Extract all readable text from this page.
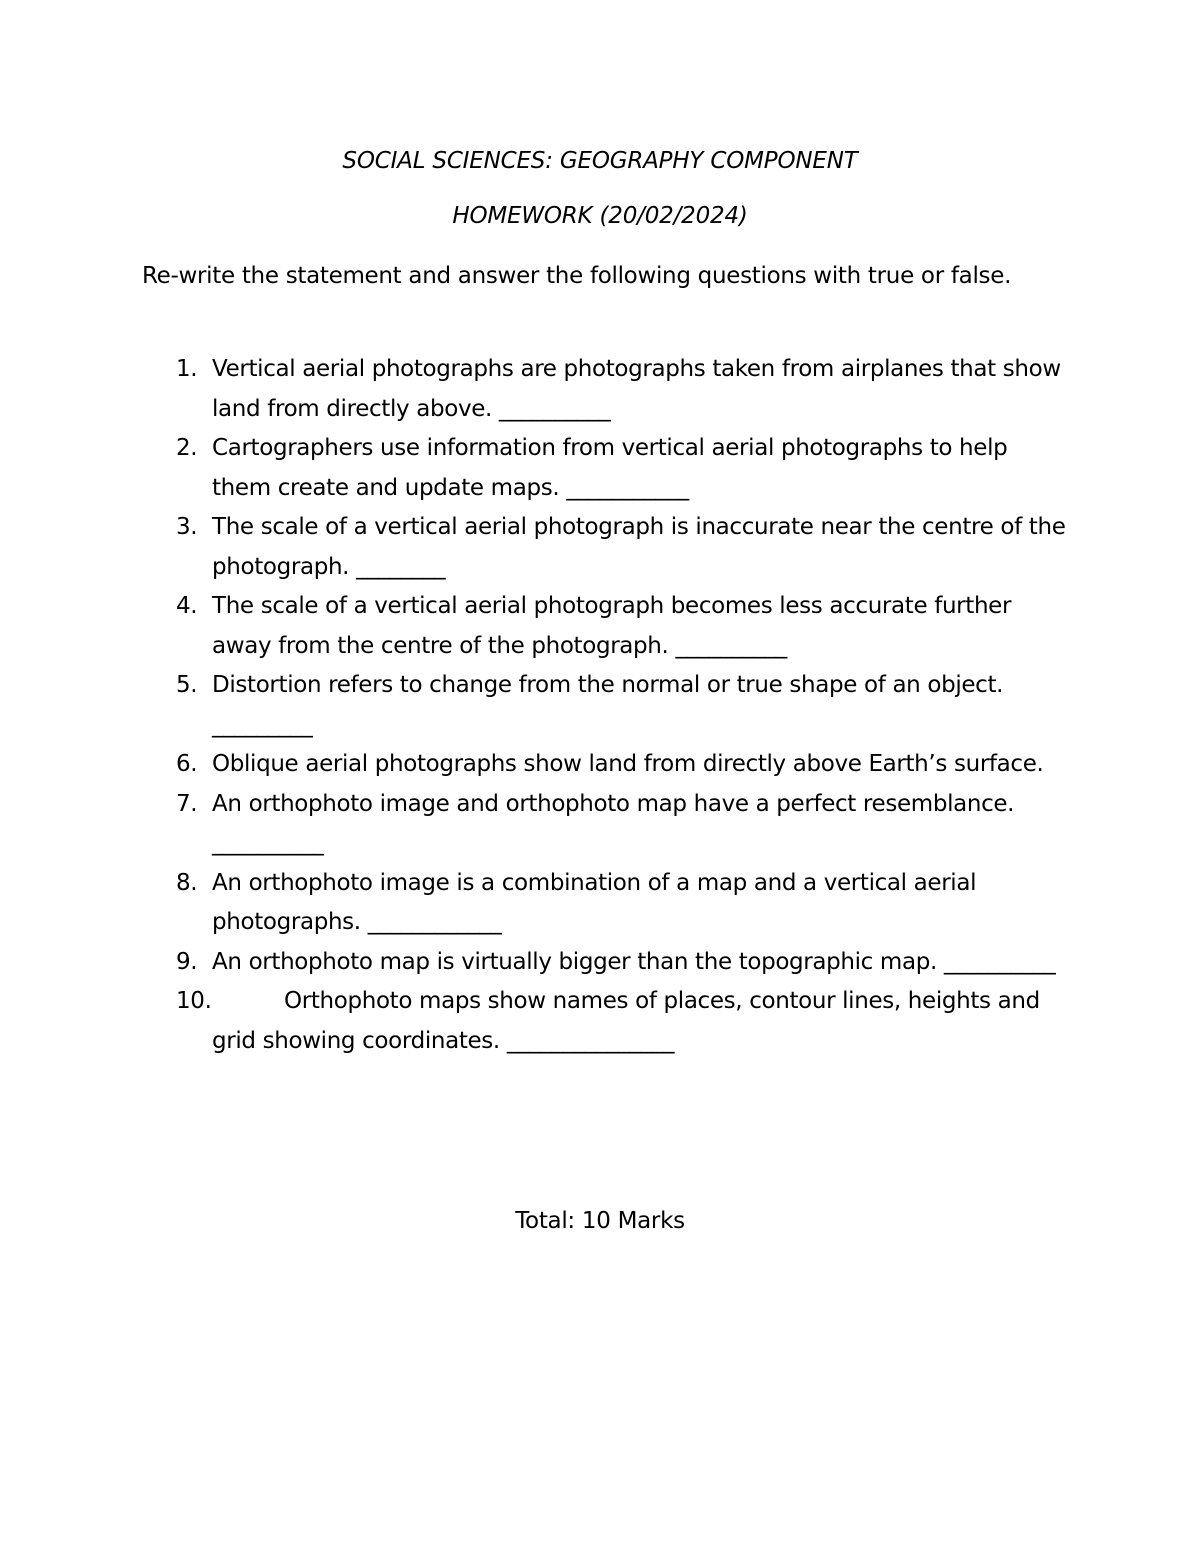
SOCIAL SCIENCES: GEOGRAPHY COMPONENT
HOMEWORK (20/02/2024)
Re-write the statement and answer the following questions with true or false.
1. Vertical aerial photographs are photographs taken from airplanes that show land from directly above. __________
2. Cartographers use information from vertical aerial photographs to help them create and update maps. ___________
3. The scale of a vertical aerial photograph is inaccurate near the centre of the photograph. ________
4. The scale of a vertical aerial photograph becomes less accurate further away from the centre of the photograph. __________
5. Distortion refers to change from the normal or true shape of an object. _________
6. Oblique aerial photographs show land from directly above Earth’s surface.
7. An orthophoto image and orthophoto map have a perfect resemblance. __________
8. An orthophoto image is a combination of a map and a vertical aerial photographs. ____________
9. An orthophoto map is virtually bigger than the topographic map. __________
10.	Orthophoto maps show names of places, contour lines, heights and grid showing coordinates. _______________
Total: 10 Marks
